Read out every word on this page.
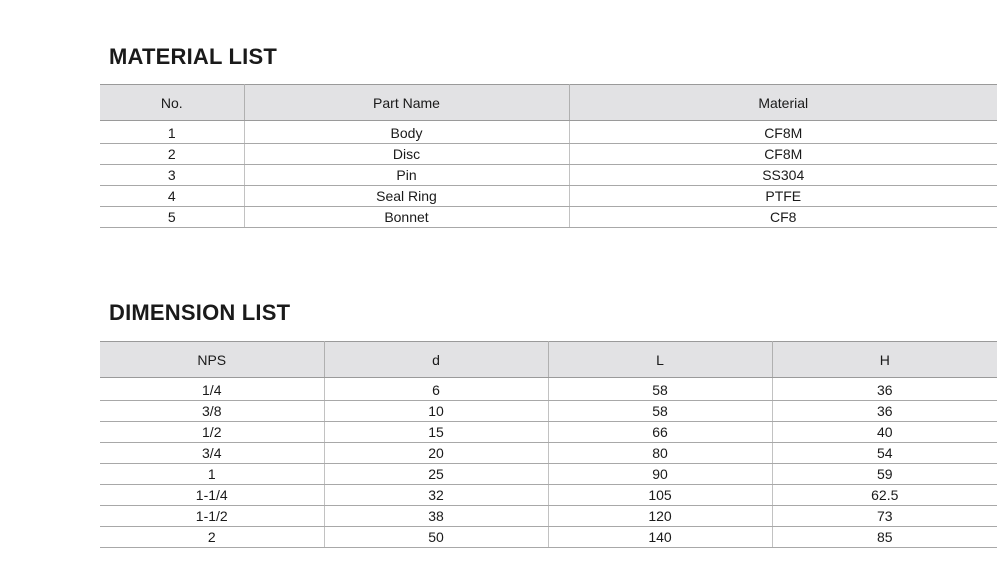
MATERIAL LIST
No.	Part Name	Material
1	Body	CF8M
2	Disc	CF8M
3	Pin	SS304
4	Seal Ring	PTFE
5	Bonnet	CF8
DIMENSION LIST
NPS	d	L	H
1/4	6	58	36
3/8	10	58	36
1/2	15	66	40
3/4	20	80	54
1	25	90	59
1-1/4	32	105	62.5
1-1/2	38	120	73
2	50	140	85
